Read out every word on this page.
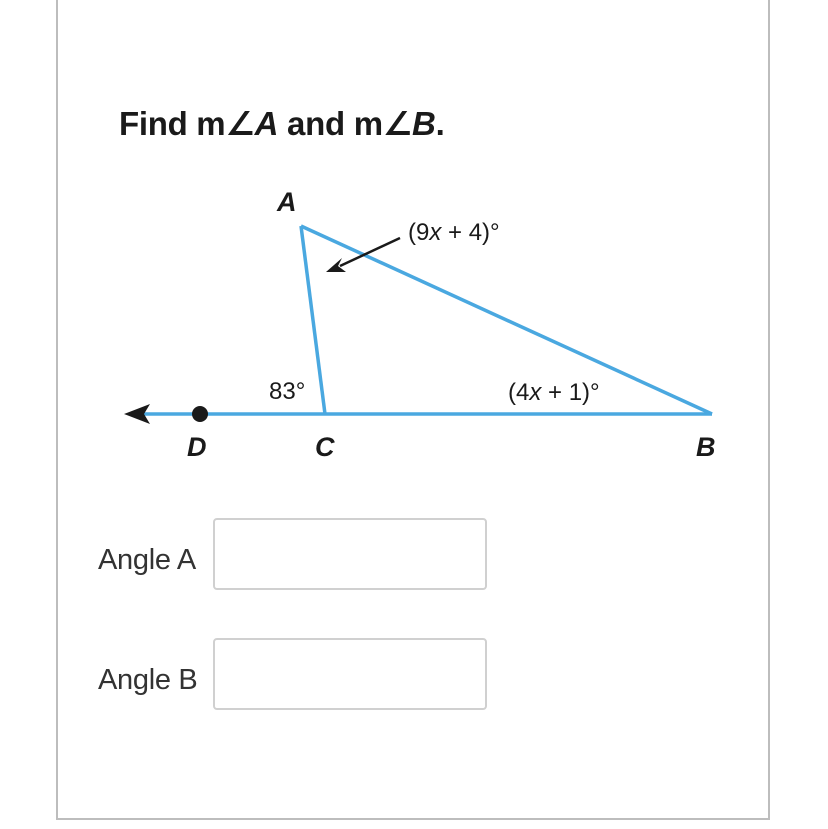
Find m∠A and m∠B.
A
D	C	B
83°
(9x + 4)°
(4x + 1)°
Angle A
Angle B
